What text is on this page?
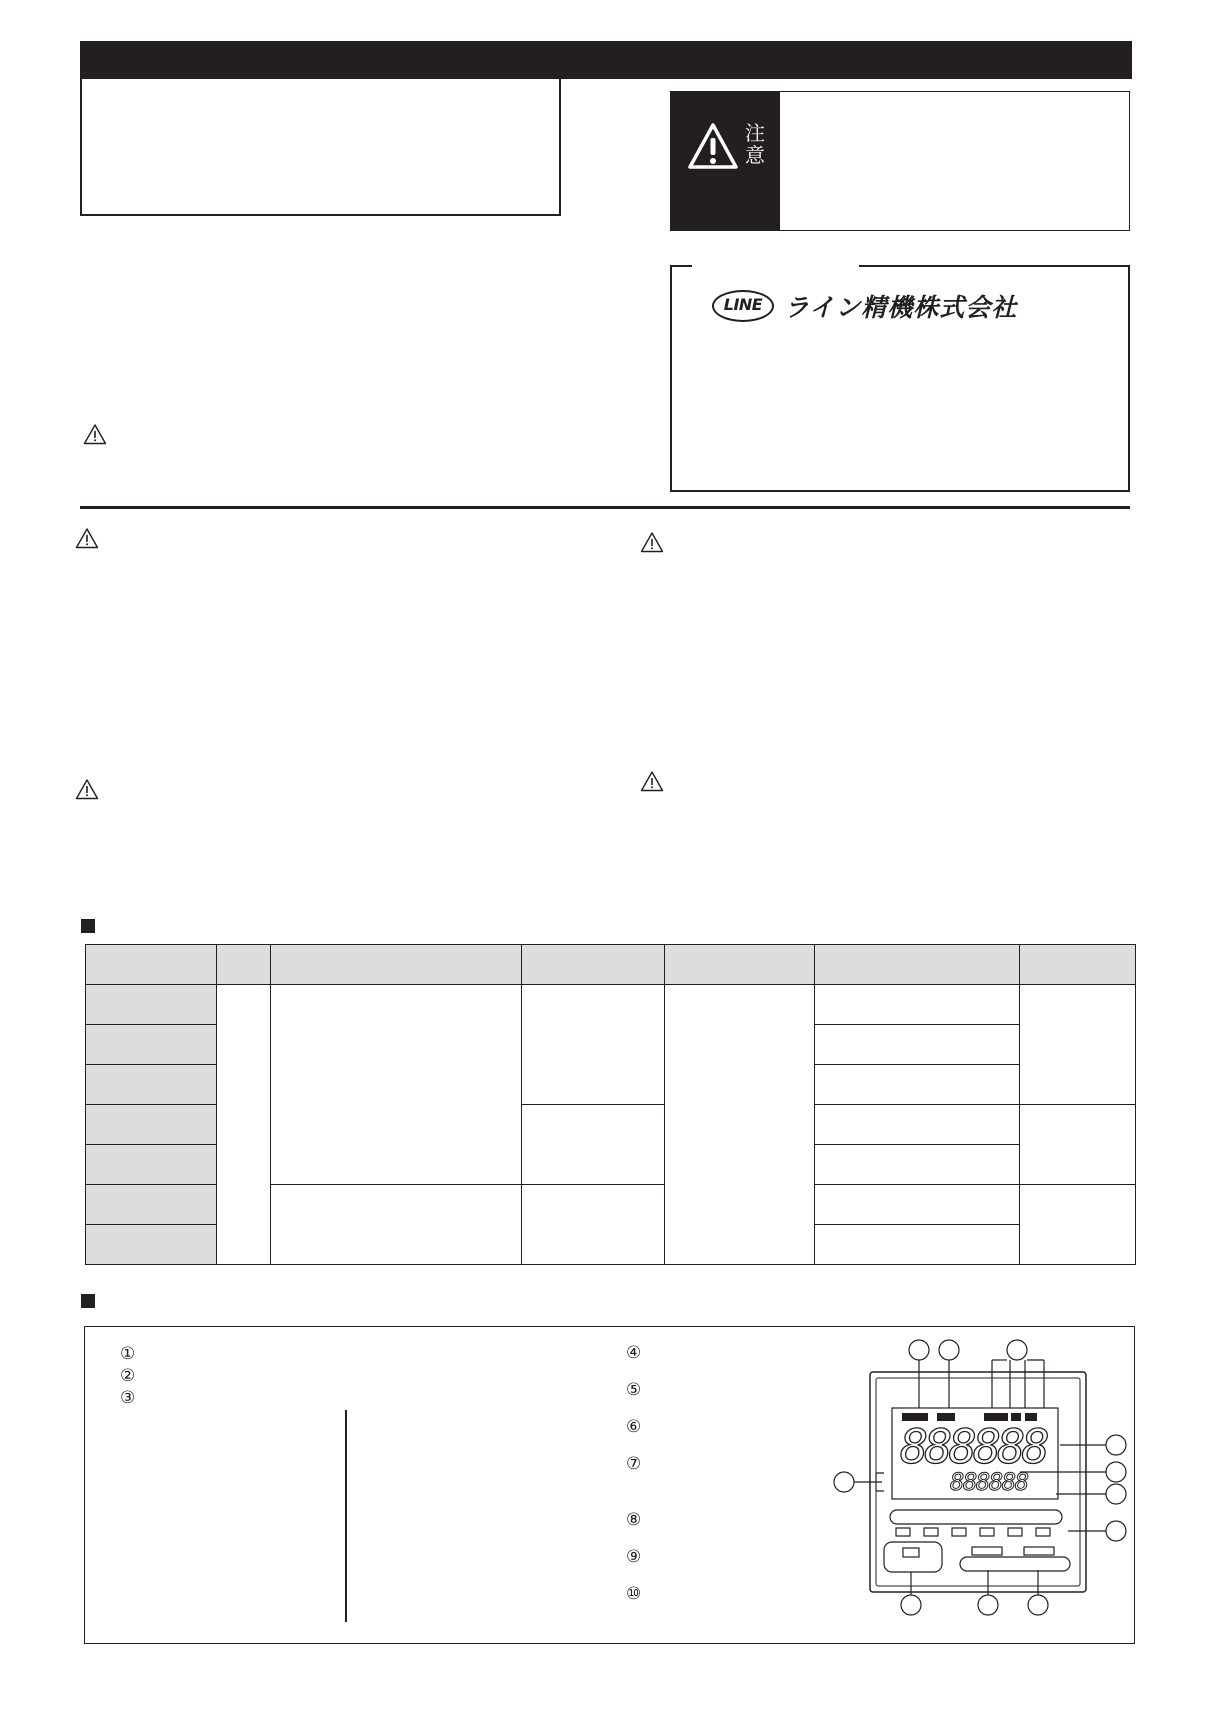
注意
LINE ライン精機株式会社

①
②
③
④
⑤
⑥
⑦
⑧
⑨
⑩
888888
888888
